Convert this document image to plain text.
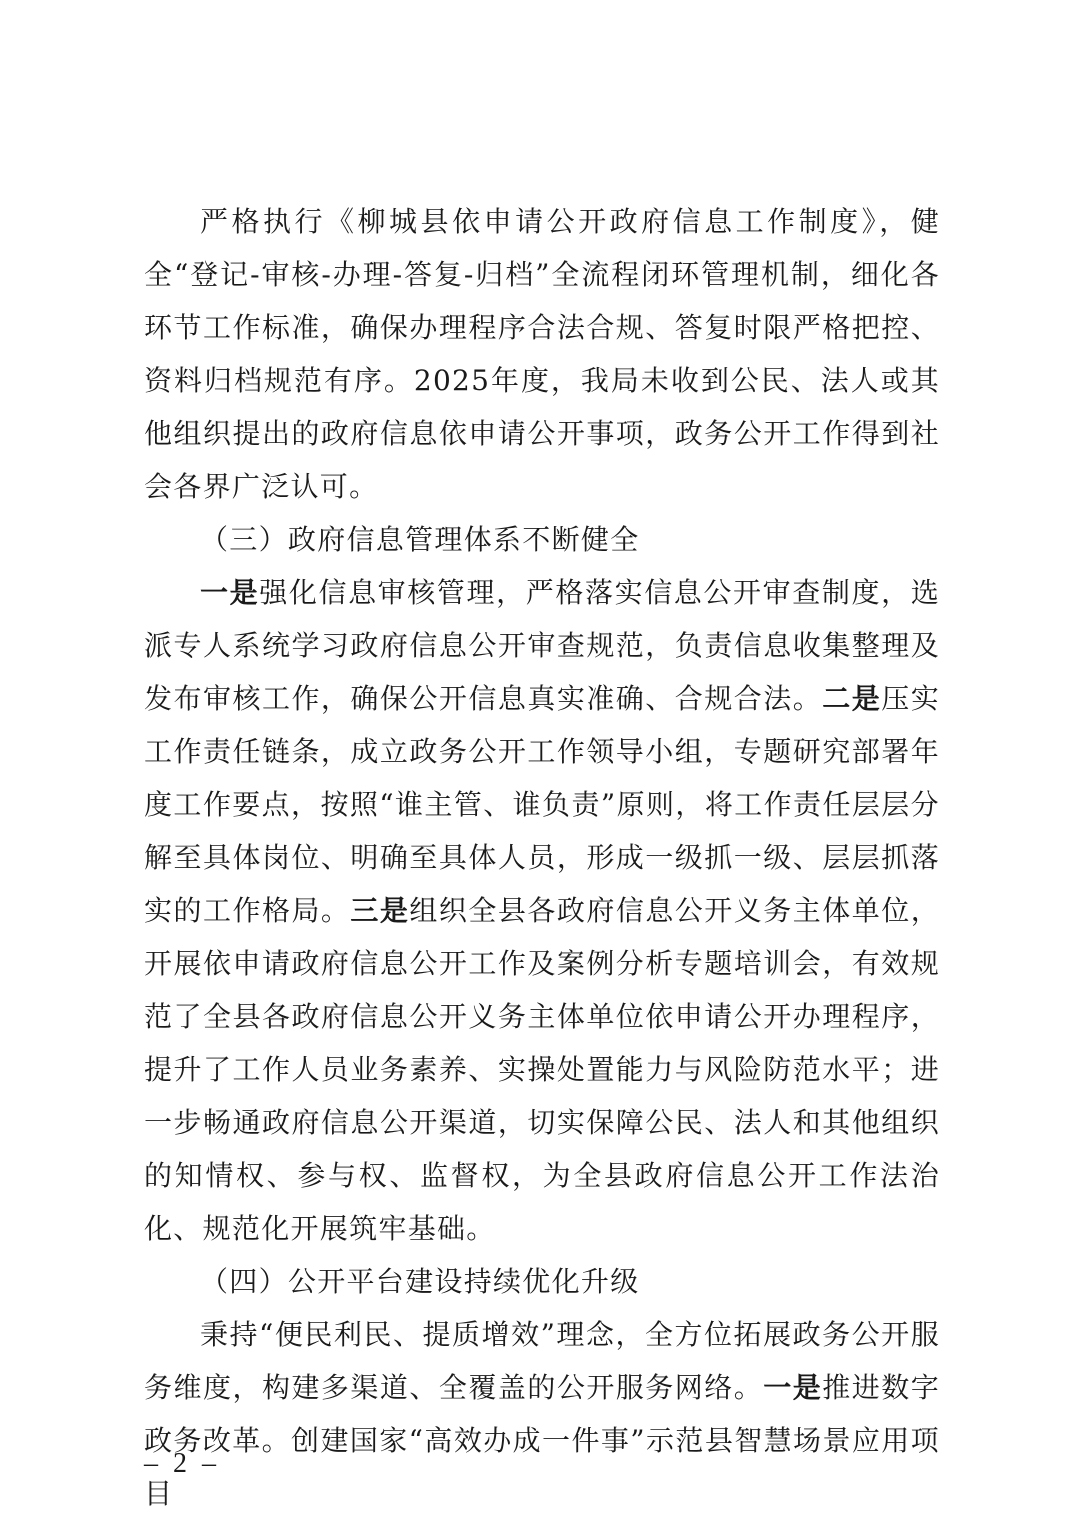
严格执行《柳城县依申请公开政府信息工作制度》，健全“登记-审核-办理-答复-归档”全流程闭环管理机制，细化各环节工作标准，确保办理程序合法合规、答复时限严格把控、资料归档规范有序。2025年度，我局未收到公民、法人或其他组织提出的政府信息依申请公开事项，政务公开工作得到社会各界广泛认可。

（三）政府信息管理体系不断健全

一是强化信息审核管理，严格落实信息公开审查制度，选派专人系统学习政府信息公开审查规范，负责信息收集整理及发布审核工作，确保公开信息真实准确、合规合法。二是压实工作责任链条，成立政务公开工作领导小组，专题研究部署年度工作要点，按照“谁主管、谁负责”原则，将工作责任层层分解至具体岗位、明确至具体人员，形成一级抓一级、层层抓落实的工作格局。三是组织全县各政府信息公开义务主体单位，开展依申请政府信息公开工作及案例分析专题培训会，有效规范了全县各政府信息公开义务主体单位依申请公开办理程序，提升了工作人员业务素养、实操处置能力与风险防范水平；进一步畅通政府信息公开渠道，切实保障公民、法人和其他组织的知情权、参与权、监督权，为全县政府信息公开工作法治化、规范化开展筑牢基础。

（四）公开平台建设持续优化升级

秉持“便民利民、提质增效”理念，全方位拓展政务公开服务维度，构建多渠道、全覆盖的公开服务网络。一是推进数字政务改革。创建国家“高效办成一件事”示范县智慧场景应用项目

– 2 –
